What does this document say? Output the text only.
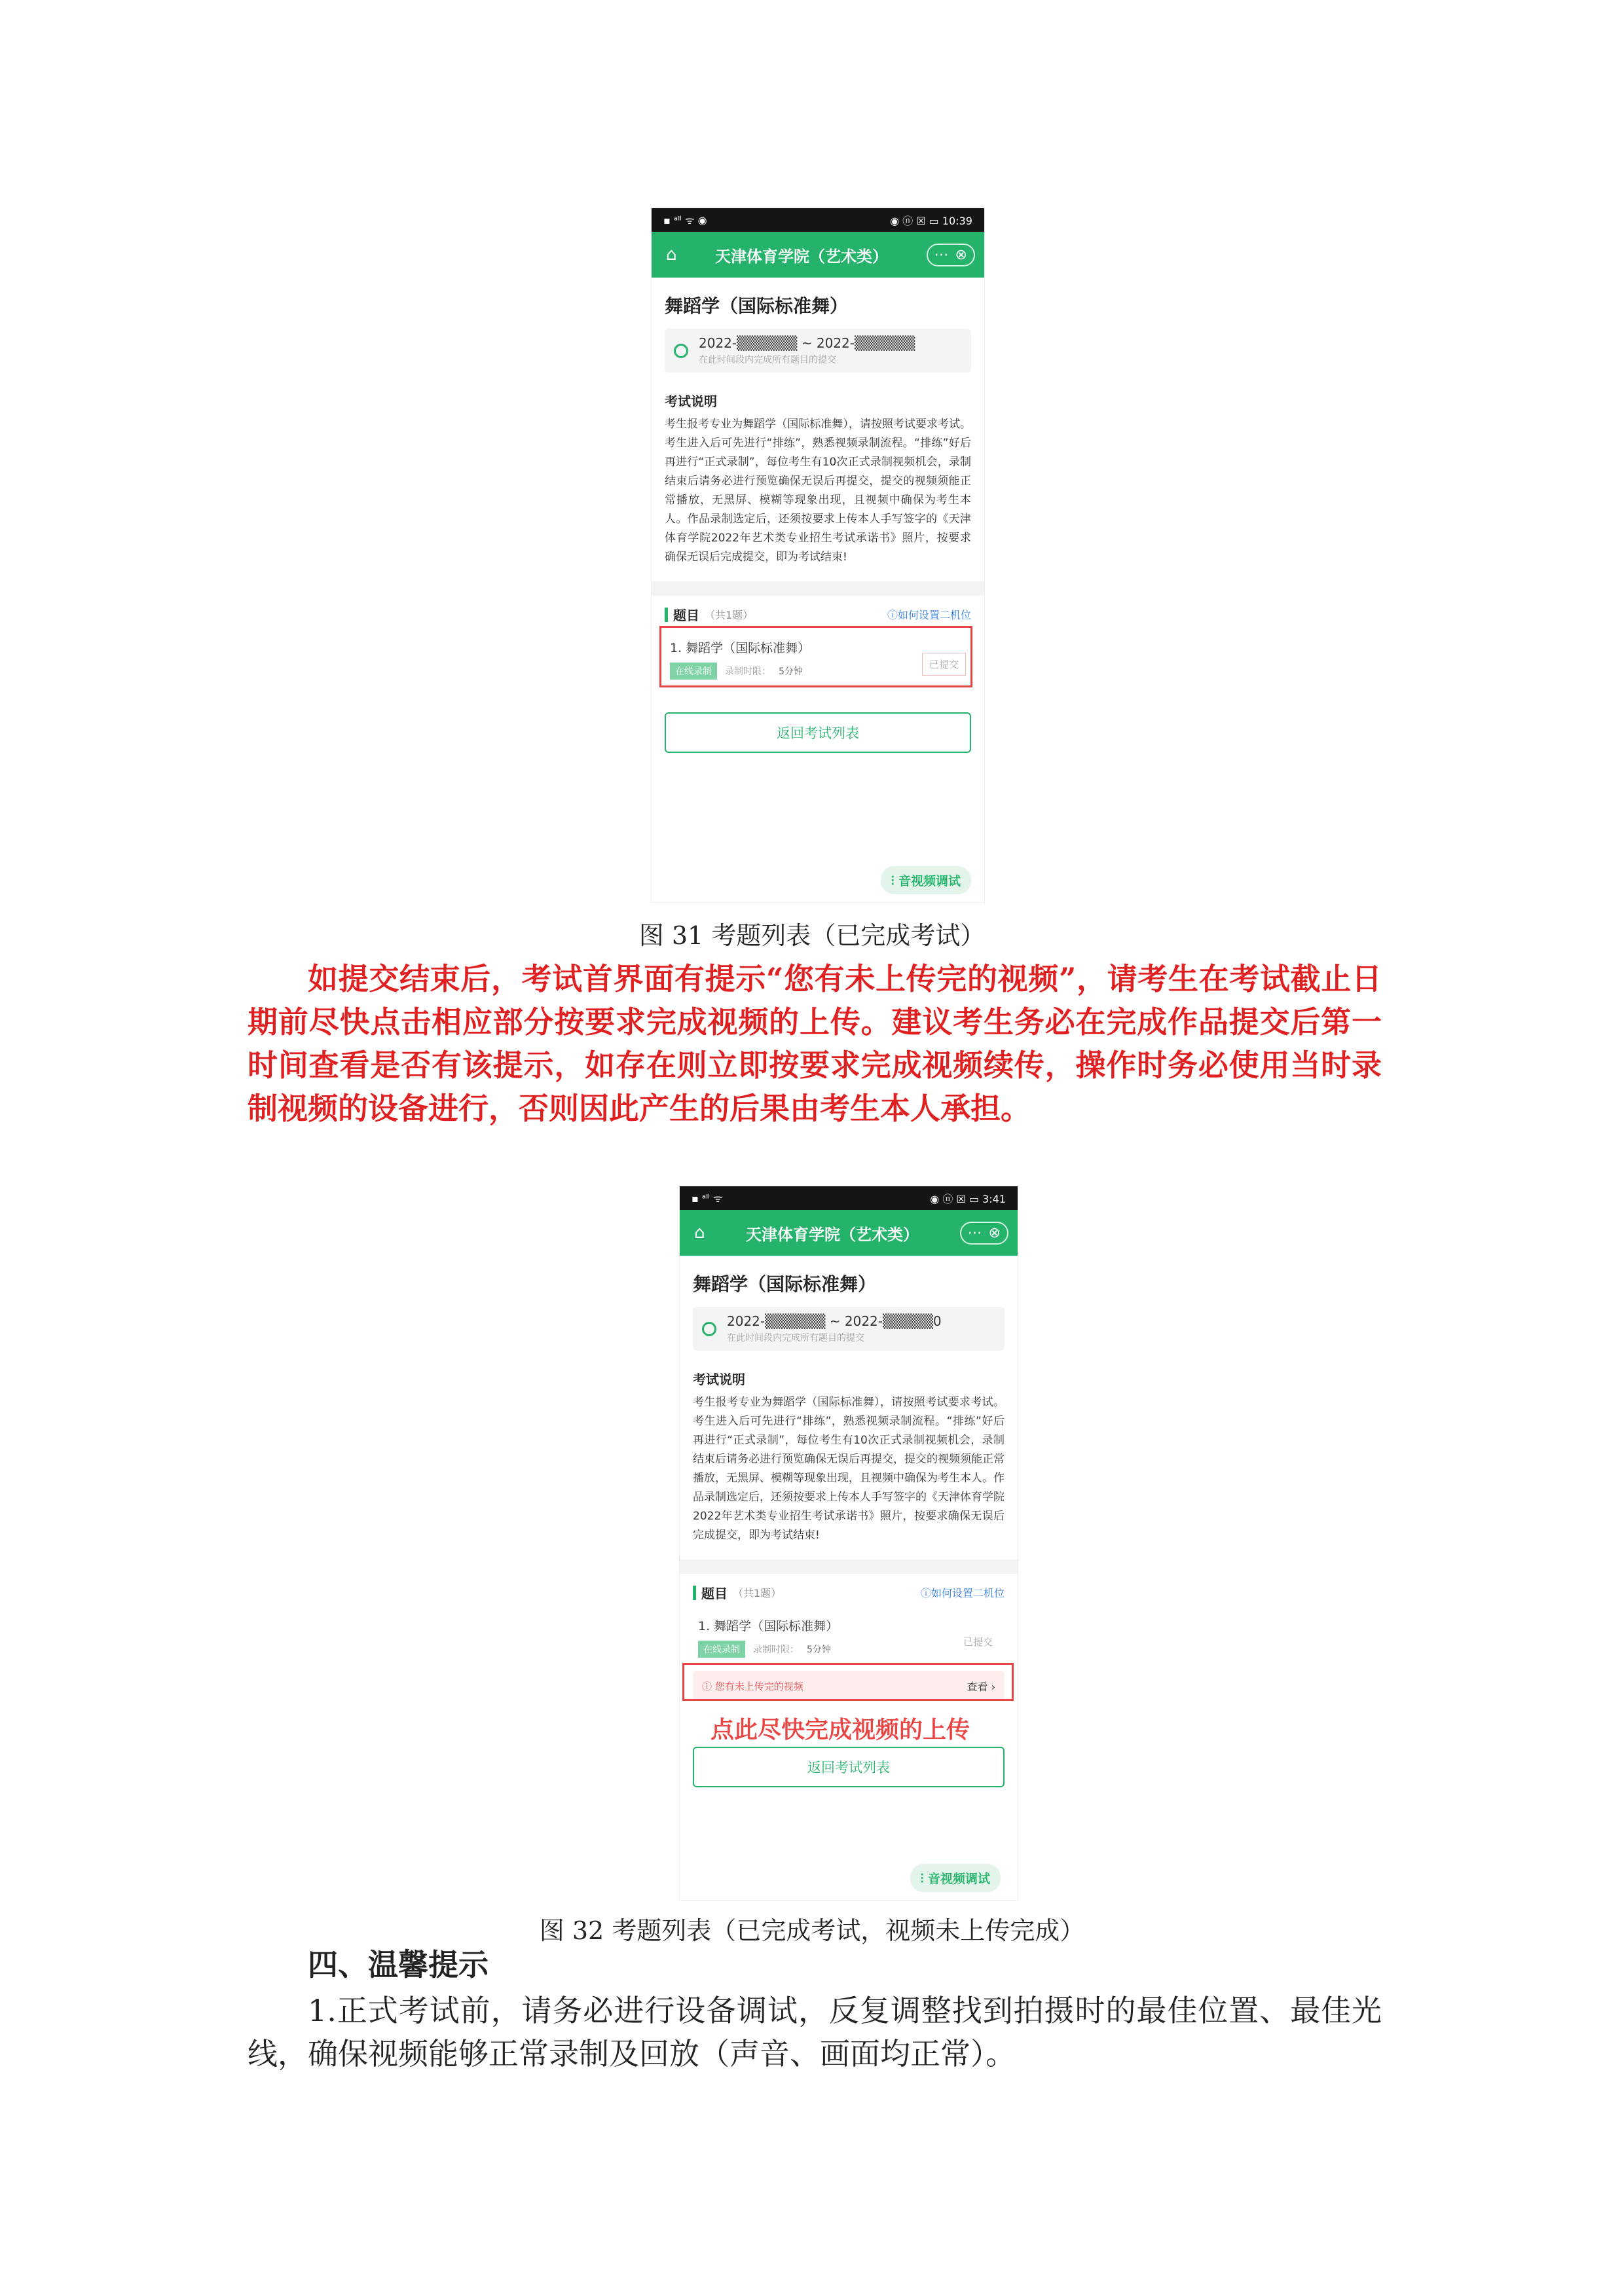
▪ ᵃᴵˡ ᯤ ◉	◉ ⓝ ☒ ▭ 10:39
⌂ 天津体育学院（艺术类）	⋯ ⊗
舞蹈学（国际标准舞）
2022-▒▒▒▒▒▒ ~ 2022-▒▒▒▒▒▒
在此时间段内完成所有题目的提交
考试说明
考生报考专业为舞蹈学（国际标准舞），请按照考试要求考试。考生进入后可先进行“排练”，熟悉视频录制流程。“排练”好后再进行“正式录制”，每位考生有10次正式录制视频机会，录制结束后请务必进行预览确保无误后再提交，提交的视频须能正常播放，无黑屏、模糊等现象出现，且视频中确保为考生本人。作品录制选定后，还须按要求上传本人手写签字的《天津体育学院2022年艺术类专业招生考试承诺书》照片，按要求确保无误后完成提交，即为考试结束!
题目 （共1题）	ⓘ如何设置二机位
1. 舞蹈学（国际标准舞）
在线录制	录制时限： 5分钟
已提交
返回考试列表
⫶ 音视频调试
图 31 考题列表（已完成考试）
如提交结束后，考试首界面有提示“您有未上传完的视频”，请考生在考试截止日期前尽快点击相应部分按要求完成视频的上传。建议考生务必在完成作品提交后第一时间查看是否有该提示，如存在则立即按要求完成视频续传，操作时务必使用当时录制视频的设备进行，否则因此产生的后果由考生本人承担。
▪ ᵃᴵˡ ᯤ	◉ ⓝ ☒ ▭ 3:41
⌂	天津体育学院（艺术类）	⋯ ⊗
舞蹈学（国际标准舞）
2022-▒▒▒▒▒▒ ~ 2022-▒▒▒▒▒0
在此时间段内完成所有题目的提交
考试说明
考生报考专业为舞蹈学（国际标准舞），请按照考试要求考试。考生进入后可先进行“排练”，熟悉视频录制流程。“排练”好后再进行“正式录制”，每位考生有10次正式录制视频机会，录制结束后请务必进行预览确保无误后再提交，提交的视频须能正常播放，无黑屏、模糊等现象出现，且视频中确保为考生本人。作品录制选定后，还须按要求上传本人手写签字的《天津体育学院2022年艺术类专业招生考试承诺书》照片，按要求确保无误后完成提交，即为考试结束!
题目 （共1题）	ⓘ如何设置二机位
1. 舞蹈学（国际标准舞）
在线录制	录制时限： 5分钟
已提交
ⓘ 您有未上传完的视频	查看 ›
返回考试列表
⫶ 音视频调试
点此尽快完成视频的上传
图 32 考题列表（已完成考试，视频未上传完成）
四、温馨提示
1.正式考试前，请务必进行设备调试，反复调整找到拍摄时的最佳位置、最佳光线，确保视频能够正常录制及回放（声音、画面均正常）。
